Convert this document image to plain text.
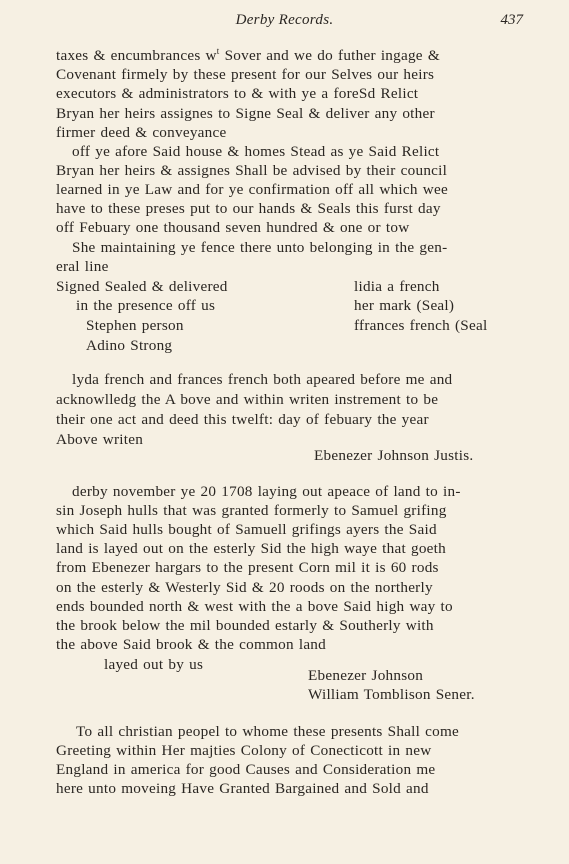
Derby Records.	437
taxes & encumbrances $w^t$ Sover and we do futher ingage &
Covenant firmely by these present for our Selves our heirs
executors & administrators to & with ye a foreSd Relict
Bryan her heirs assignes to Signe Seal & deliver any other
firmer deed & conveyance
off ye afore Said house & homes Stead as ye Said Relict
Bryan her heirs & assignes Shall be advised by their council
learned in ye Law and for ye confirmation off all which wee
have to these preses put to our hands & Seals this furst day
off Febuary one thousand seven hundred & one or tow
She maintaining ye fence there unto belonging in the gen-
eral line
Signed Sealed & delivered
in the presence off us
Stephen person
Adino Strong
lidia a french
her mark (Seal)
ffrances french (Seal
lyda french and frances french both apeared before me and
acknowlledg the A bove and within writen instrement to be
their one act and deed this twelft: day of febuary the year
Above writen
Ebenezer Johnson Justis.
derby november ye 20 1708 laying out apeace of land to in-
sin Joseph hulls that was granted formerly to Samuel grifing
which Said hulls bought of Samuell grifings ayers the Said
land is layed out on the esterly Sid the high waye that goeth
from Ebenezer hargars to the present Corn mil it is 60 rods
on the esterly & Westerly Sid & 20 roods on the northerly
ends bounded north & west with the a bove Said high way to
the brook below the mil bounded estarly & Southerly with
the above Said brook & the common land
layed out by us
Ebenezer Johnson
William Tomblison Sener.
To all christian peopel to whome these presents Shall come
Greeting within Her majties Colony of Conecticott in new
England in america for good Causes and Consideration me
here unto moveing Have Granted Bargained and Sold and
